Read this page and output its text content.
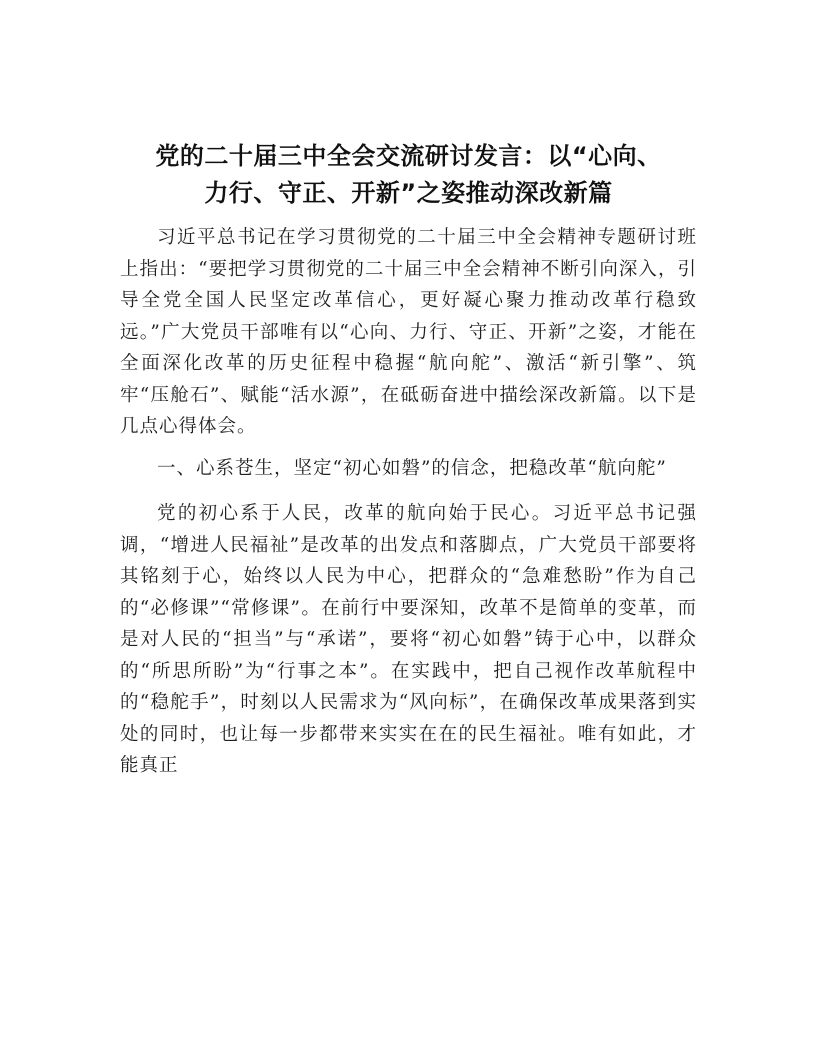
党的二十届三中全会交流研讨发言：以“心向、
力行、守正、开新”之姿推动深改新篇

习近平总书记在学习贯彻党的二十届三中全会精神专题研讨班上指出：“要把学习贯彻党的二十届三中全会精神不断引向深入，引导全党全国人民坚定改革信心，更好凝心聚力推动改革行稳致远。”广大党员干部唯有以“心向、力行、守正、开新”之姿，才能在全面深化改革的历史征程中稳握“航向舵”、激活“新引擎”、筑牢“压舱石”、赋能“活水源”，在砥砺奋进中描绘深改新篇。以下是几点心得体会。

一、心系苍生，坚定“初心如磐”的信念，把稳改革“航向舵”

党的初心系于人民，改革的航向始于民心。习近平总书记强调，“增进人民福祉”是改革的出发点和落脚点，广大党员干部要将其铭刻于心，始终以人民为中心，把群众的“急难愁盼”作为自己的“必修课”“常修课”。在前行中要深知，改革不是简单的变革，而是对人民的“担当”与“承诺”，要将“初心如磐”铸于心中，以群众的“所思所盼”为“行事之本”。在实践中，把自己视作改革航程中的“稳舵手”，时刻以人民需求为“风向标”，在确保改革成果落到实处的同时，也让每一步都带来实实在在的民生福祉。唯有如此，才能真正
